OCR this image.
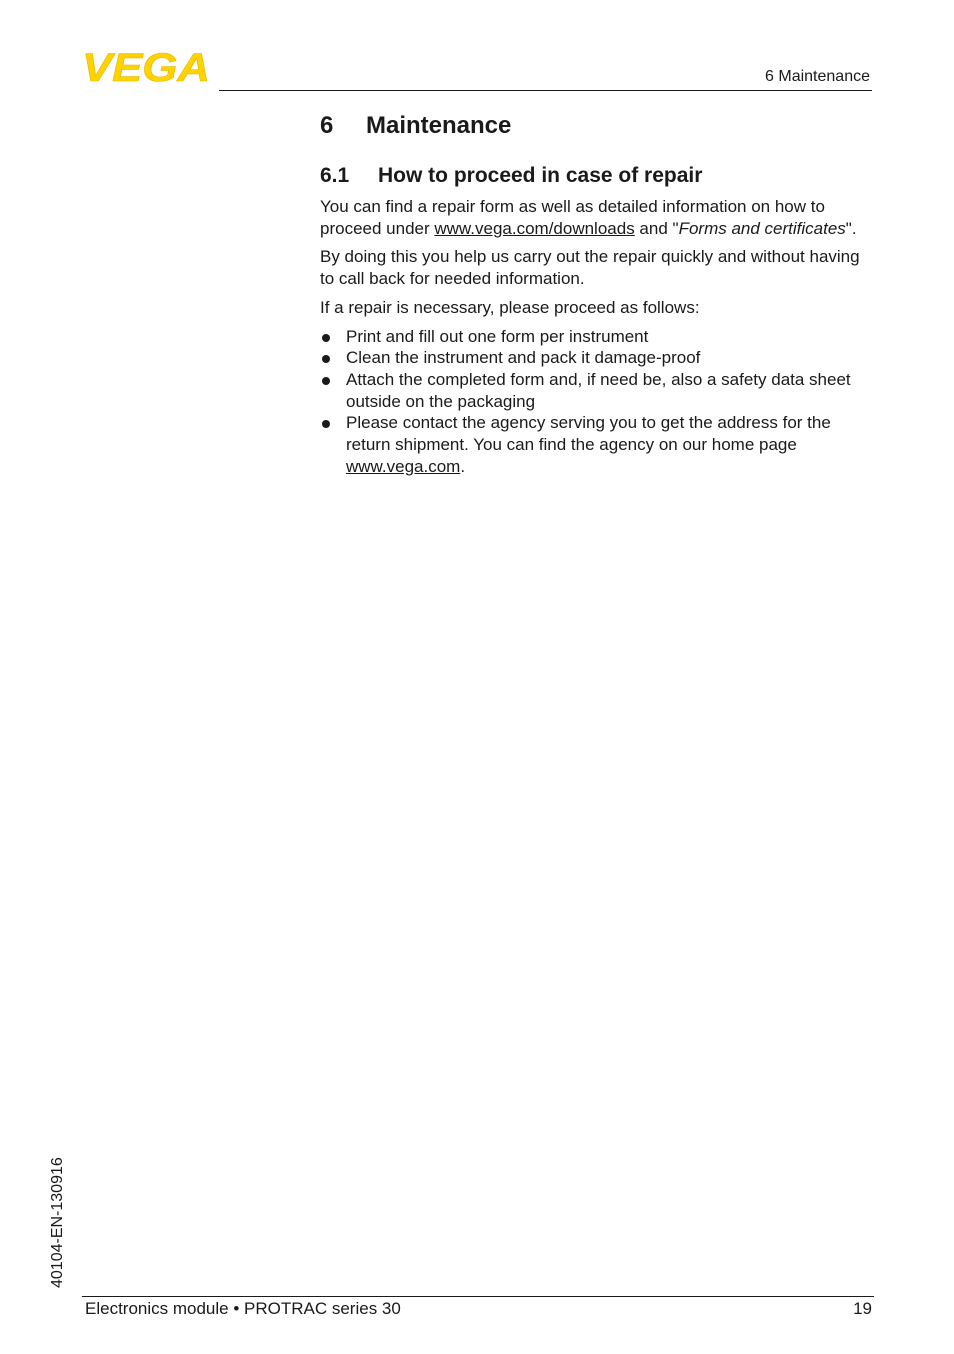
VEGA	6 Maintenance
6	Maintenance
6.1	How to proceed in case of repair

You can find a repair form as well as detailed information on how to proceed under www.vega.com/downloads and "Forms and certificates".

By doing this you help us carry out the repair quickly and without having to call back for needed information.

If a repair is necessary, please proceed as follows:

Print and fill out one form per instrument
Clean the instrument and pack it damage-proof
Attach the completed form and, if need be, also a safety data sheet outside on the packaging
Please contact the agency serving you to get the address for the return shipment. You can find the agency on our home page www.vega.com.
40104-EN-130916
Electronics module • PROTRAC series 30	19
